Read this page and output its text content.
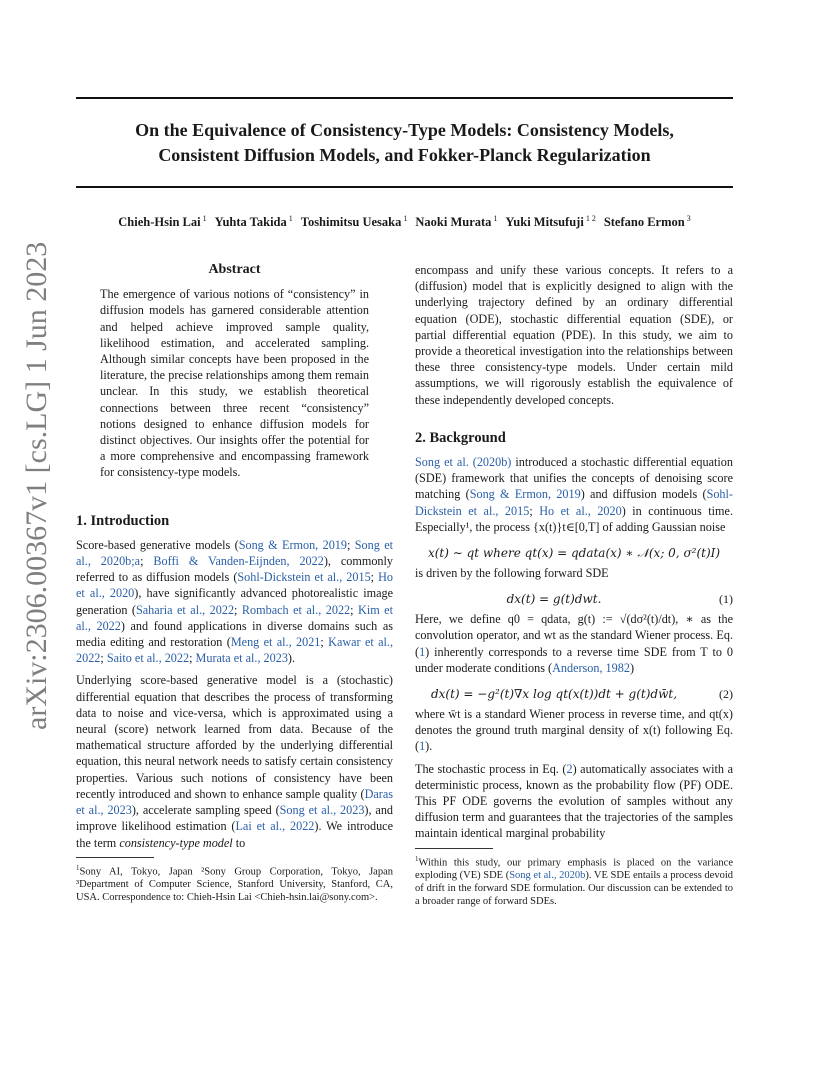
On the Equivalence of Consistency-Type Models: Consistency Models,
Consistent Diffusion Models, and Fokker-Planck Regularization
Chieh-Hsin Lai $^1$ Yuhta Takida $^1$ Toshimitsu Uesaka $^1$ Naoki Murata $^1$ Yuki Mitsufuji $^{1 2}$ Stefano Ermon $^3$
arXiv:2306.00367v1 [cs.LG] 1 Jun 2023	Abstract

The emergence of various notions of “consistency” in diffusion models has garnered considerable attention and helped achieve improved sample quality, likelihood estimation, and accelerated sampling. Although similar concepts have been proposed in the literature, the precise relationships among them remain unclear. In this study, we establish theoretical connections between three recent “consistency” notions designed to enhance diffusion models for distinct objectives. Our insights offer the potential for a more comprehensive and encompassing framework for consistency-type models.

1. Introduction

Score-based generative models (Song & Ermon, 2019; Song et al., 2020b;a; Boffi & Vanden-Eijnden, 2022), commonly referred to as diffusion models (Sohl-Dickstein et al., 2015; Ho et al., 2020), have significantly advanced photorealistic image generation (Saharia et al., 2022; Rombach et al., 2022; Kim et al., 2022) and found applications in diverse domains such as media editing and restoration (Meng et al., 2021; Kawar et al., 2022; Saito et al., 2022; Murata et al., 2023).

Underlying score-based generative model is a (stochastic) differential equation that describes the process of transforming data to noise and vice-versa, which is approximated using a neural (score) network learned from data. Because of the mathematical structure afforded by the underlying differential equation, this neural network needs to satisfy certain consistency properties. Various such notions of consistency have been recently introduced and shown to enhance sample quality (Daras et al., 2023), accelerate sampling speed (Song et al., 2023), and improve likelihood estimation (Lai et al., 2022). We introduce the term consistency-type model to

$^1$Sony AI, Tokyo, Japan ²Sony Group Corporation, Tokyo, Japan ³Department of Computer Science, Stanford University, Stanford, CA, USA. Correspondence to: Chieh-Hsin Lai <Chieh-hsin.lai@sony.com>.

encompass and unify these various concepts. It refers to a (diffusion) model that is explicitly designed to align with the underlying trajectory defined by an ordinary differential equation (ODE), stochastic differential equation (SDE), or partial differential equation (PDE). In this study, we aim to provide a theoretical investigation into the relationships between these three consistency-type models. Under certain mild assumptions, we will rigorously establish the equivalence of these independently developed concepts.

2. Background

Song et al. (2020b) introduced a stochastic differential equation (SDE) framework that unifies the concepts of denoising score matching (Song & Ermon, 2019) and diffusion models (Sohl-Dickstein et al., 2015; Ho et al., 2020) in continuous time. Especially¹, the process {x(t)}t∈[0,T] of adding Gaussian noise

x(t) ∼ qt where qt(x) = qdata(x) ∗ 𝒩(x; 0, σ²(t)I)

is driven by the following forward SDE

dx(t) = g(t)dwt.	(1)

Here, we define q0 = qdata, g(t) := √(dσ²(t)/dt), ∗ as the convolution operator, and wt as the standard Wiener process. Eq. (1) inherently corresponds to a reverse time SDE from T to 0 under moderate conditions (Anderson, 1982)

dx(t) = −g²(t)∇x log qt(x(t))dt + g(t)dw̄t,	(2)

where w̄t is a standard Wiener process in reverse time, and qt(x) denotes the ground truth marginal density of x(t) following Eq. (1).

The stochastic process in Eq. (2) automatically associates with a deterministic process, known as the probability flow (PF) ODE. This PF ODE governs the evolution of samples without any diffusion term and guarantees that the trajectories of the samples maintain identical marginal probability

$^1$Within this study, our primary emphasis is placed on the variance exploding (VE) SDE (Song et al., 2020b). VE SDE entails a process devoid of drift in the forward SDE formulation. Our discussion can be extended to a broader range of forward SDEs.
